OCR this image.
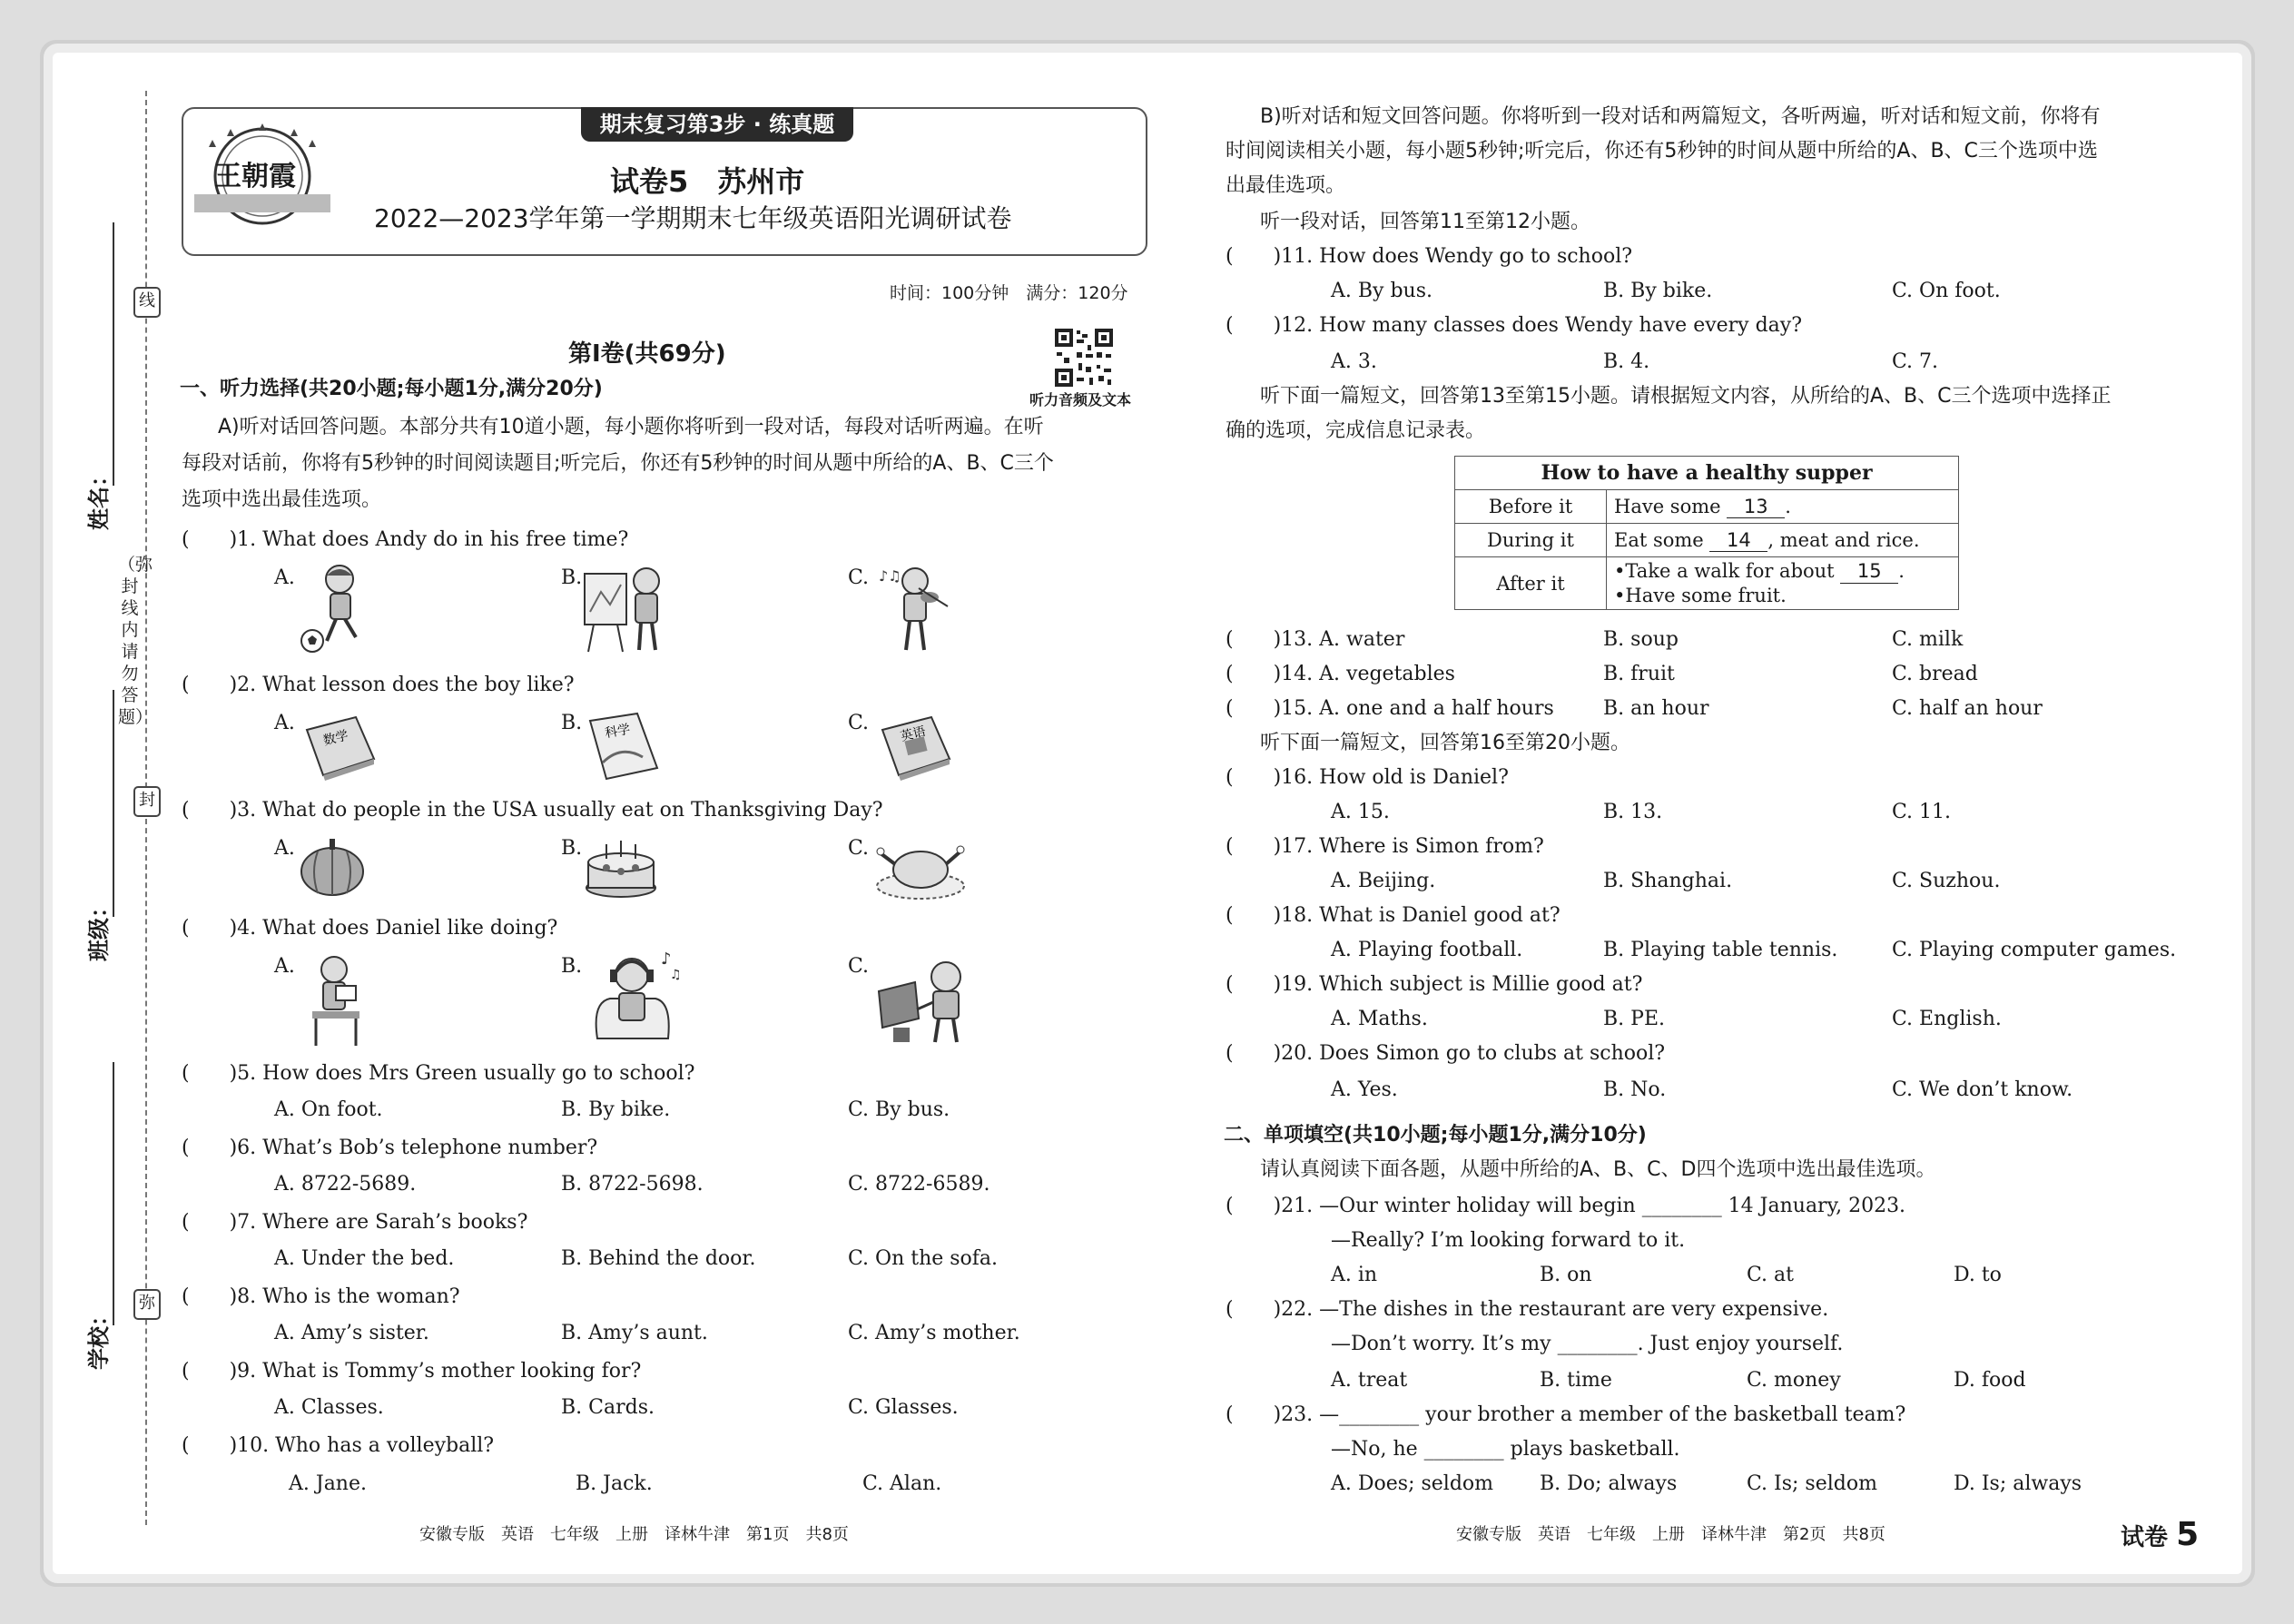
线
封
弥
（弥封线内请勿答题）
期末复习第3步 · 练真题
王朝霞	试卷5　苏州市
2022—2023学年第一学期期末七年级英语阳光调研试卷
时间：100分钟　满分：120分
听力音频及文本
第Ⅰ卷(共69分)
一、听力选择(共20小题;每小题1分,满分20分)
A)听对话回答问题。本部分共有10道小题，每小题你将听到一段对话，每段对话听两遍。在听
每段对话前，你将有5秒钟的时间阅读题目;听完后，你还有5秒钟的时间从题中所给的A、B、C三个
选项中选出最佳选项。
(　　)1. What does Andy do in his free time?
A.	B.	C. ♪♫
(　　)2. What lesson does the boy like?
A.	B.	C.
数学	科学	英语
(　　)3. What do people in the USA usually eat on Thanksgiving Day?
A.	B.	C.
(　　)4. What does Daniel like doing?
A.	B.	C.
♪
♫
(　　)5. How does Mrs Green usually go to school?
A. On foot.	B. By bike.	C. By bus.
(　　)6. What’s Bob’s telephone number?
A. 8722-5689.	B. 8722-5698.	C. 8722-6589.
(　　)7. Where are Sarah’s books?
A. Under the bed.	B. Behind the door.	C. On the sofa.
(　　)8. Who is the woman?
A. Amy’s sister.	B. Amy’s aunt.	C. Amy’s mother.
(　　)9. What is Tommy’s mother looking for?
A. Classes.	B. Cards.	C. Glasses.
(　　)10. Who has a volleyball?
A. Jane.	B. Jack.	C. Alan.
安徽专版　英语　七年级　上册　译林牛津　第1页　共8页
B)听对话和短文回答问题。你将听到一段对话和两篇短文，各听两遍，听对话和短文前，你将有
时间阅读相关小题，每小题5秒钟;听完后，你还有5秒钟的时间从题中所给的A、B、C三个选项中选
出最佳选项。
听一段对话，回答第11至第12小题。
(　　)11. How does Wendy go to school?
A. By bus.	B. By bike.	C. On foot.
(　　)12. How many classes does Wendy have every day?
A. 3.	B. 4.	C. 7.
听下面一篇短文，回答第13至第15小题。请根据短文内容，从所给的A、B、C三个选项中选择正
确的选项，完成信息记录表。
How to have a healthy supper	
Before it	Have some 13 .
During it	Eat some 14 , meat and rice.
After it	•Take a walk for about 15 .
•Have some fruit.
(　　)13. A. water	B. soup	C. milk
(　　)14. A. vegetables	B. fruit	C. bread
(　　)15. A. one and a half hours B. an hour	C. half an hour
听下面一篇短文，回答第16至第20小题。
(　　)16. How old is Daniel?
A. 15.	B. 13.	C. 11.
(　　)17. Where is Simon from?
A. Beijing.	B. Shanghai.	C. Suzhou.
(　　)18. What is Daniel good at?
A. Playing football.	B. Playing table tennis.	C. Playing computer games.
(　　)19. Which subject is Millie good at?
A. Maths.	B. PE.	C. English.
(　　)20. Does Simon go to clubs at school?
A. Yes.	B. No.	C. We don’t know.
二、单项填空(共10小题;每小题1分,满分10分)
请认真阅读下面各题，从题中所给的A、B、C、D四个选项中选出最佳选项。
(　　)21. —Our winter holiday will begin ________ 14 January, 2023.
—Really? I’m looking forward to it.
A. in	B. on	C. at	D. to
(　　)22. —The dishes in the restaurant are very expensive.
—Don’t worry. It’s my ________. Just enjoy yourself.
A. treat	B. time	C. money	D. food
(　　)23. —________ your brother a member of the basketball team?
—No, he ________ plays basketball.
A. Does; seldom B. Do; always	C. Is; seldom	D. Is; always
安徽专版　英语　七年级　上册　译林牛津　第2页　共8页	试卷 5
